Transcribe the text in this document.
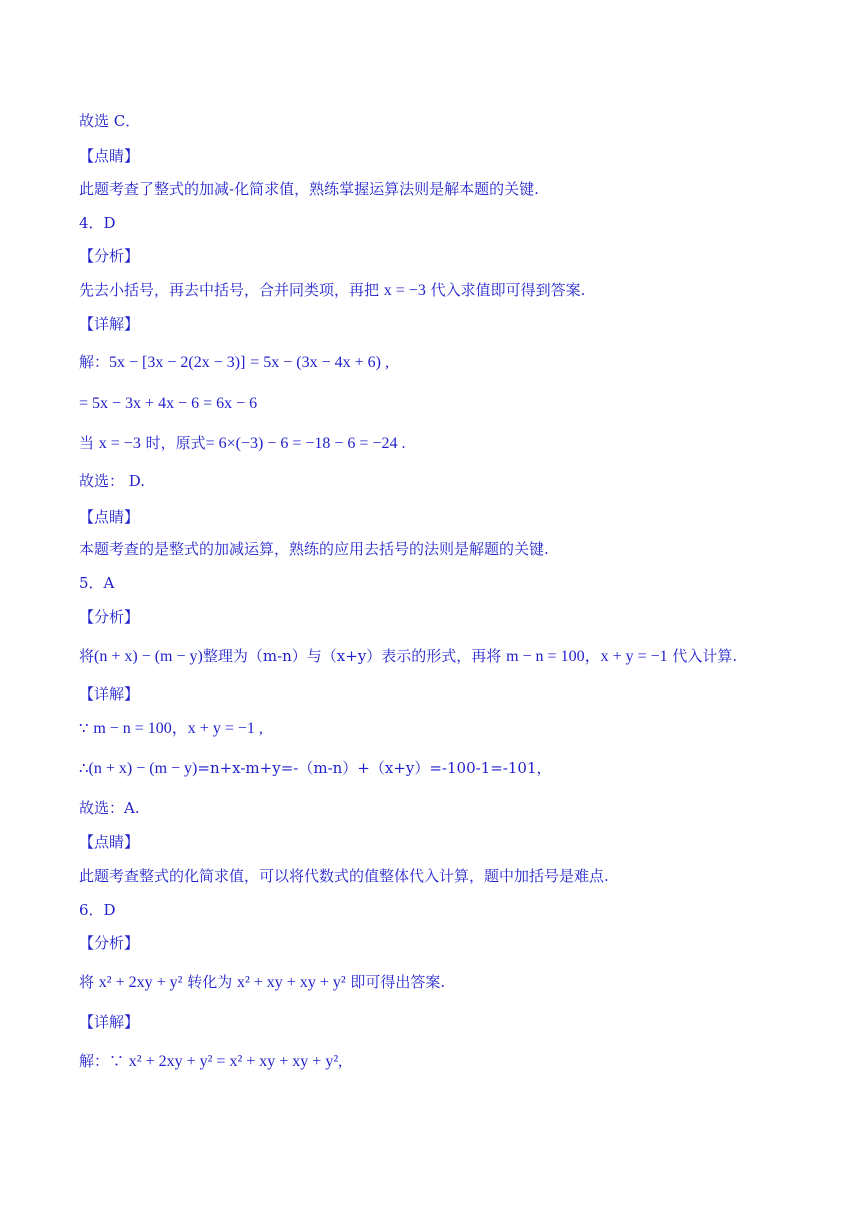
故选 C．
【点睛】
此题考查了整式的加减-化简求值，熟练掌握运算法则是解本题的关键.
4．D
【分析】
先去小括号，再去中括号，合并同类项，再把 x = −3 代入求值即可得到答案.
【详解】
解：5x − [3x − 2(2x − 3)] = 5x − (3x − 4x + 6) ,
= 5x − 3x + 4x − 6 = 6x − 6
当 x = −3 时，原式= 6×(−3) − 6 = −18 − 6 = −24 .
故选： D.
【点睛】
本题考查的是整式的加减运算，熟练的应用去括号的法则是解题的关键.
5．A
【分析】
将(n + x) − (m − y)整理为（m-n）与（x+y）表示的形式，再将 m − n = 100，x + y = −1 代入计算.
【详解】
∵ m − n = 100，x + y = −1 ,
∴(n + x) − (m − y)=n+x-m+y=-（m-n）+（x+y）=-100-1=-101，
故选：A.
【点睛】
此题考查整式的化简求值，可以将代数式的值整体代入计算，题中加括号是难点.
6．D
【分析】
将 x² + 2xy + y² 转化为 x² + xy + xy + y² 即可得出答案.
【详解】
解：∵ x² + 2xy + y² = x² + xy + xy + y²,
